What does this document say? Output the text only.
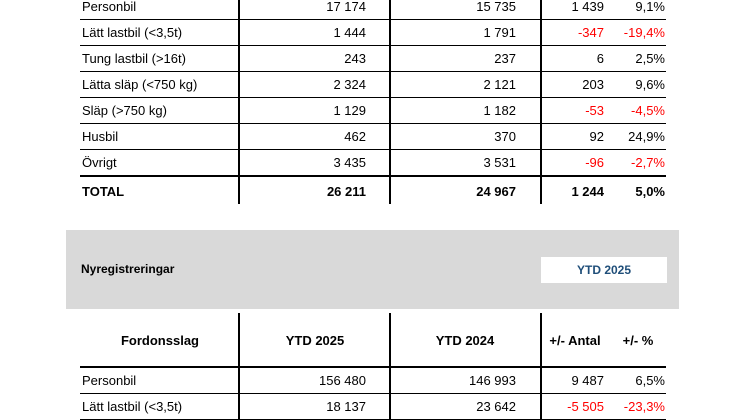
Personbil	17 174	15 735	1 439	9,1%
Lätt lastbil (<3,5t)	1 444	1 791	-347	-19,4%
Tung lastbil (>16t)	243	237	6	2,5%
Lätta släp (<750 kg)	2 324	2 121	203	9,6%
Släp (>750 kg)	1 129	1 182	-53	-4,5%
Husbil	462	370	92	24,9%
Övrigt	3 435	3 531	-96	-2,7%
TOTAL	26 211	24 967	1 244	5,0%
Nyregistreringar	YTD 2025
Fordonsslag	YTD 2025	YTD 2024	+/- Antal	+/- %
Personbil	156 480	146 993	9 487	6,5%
Lätt lastbil (<3,5t)	18 137	23 642	-5 505	-23,3%
